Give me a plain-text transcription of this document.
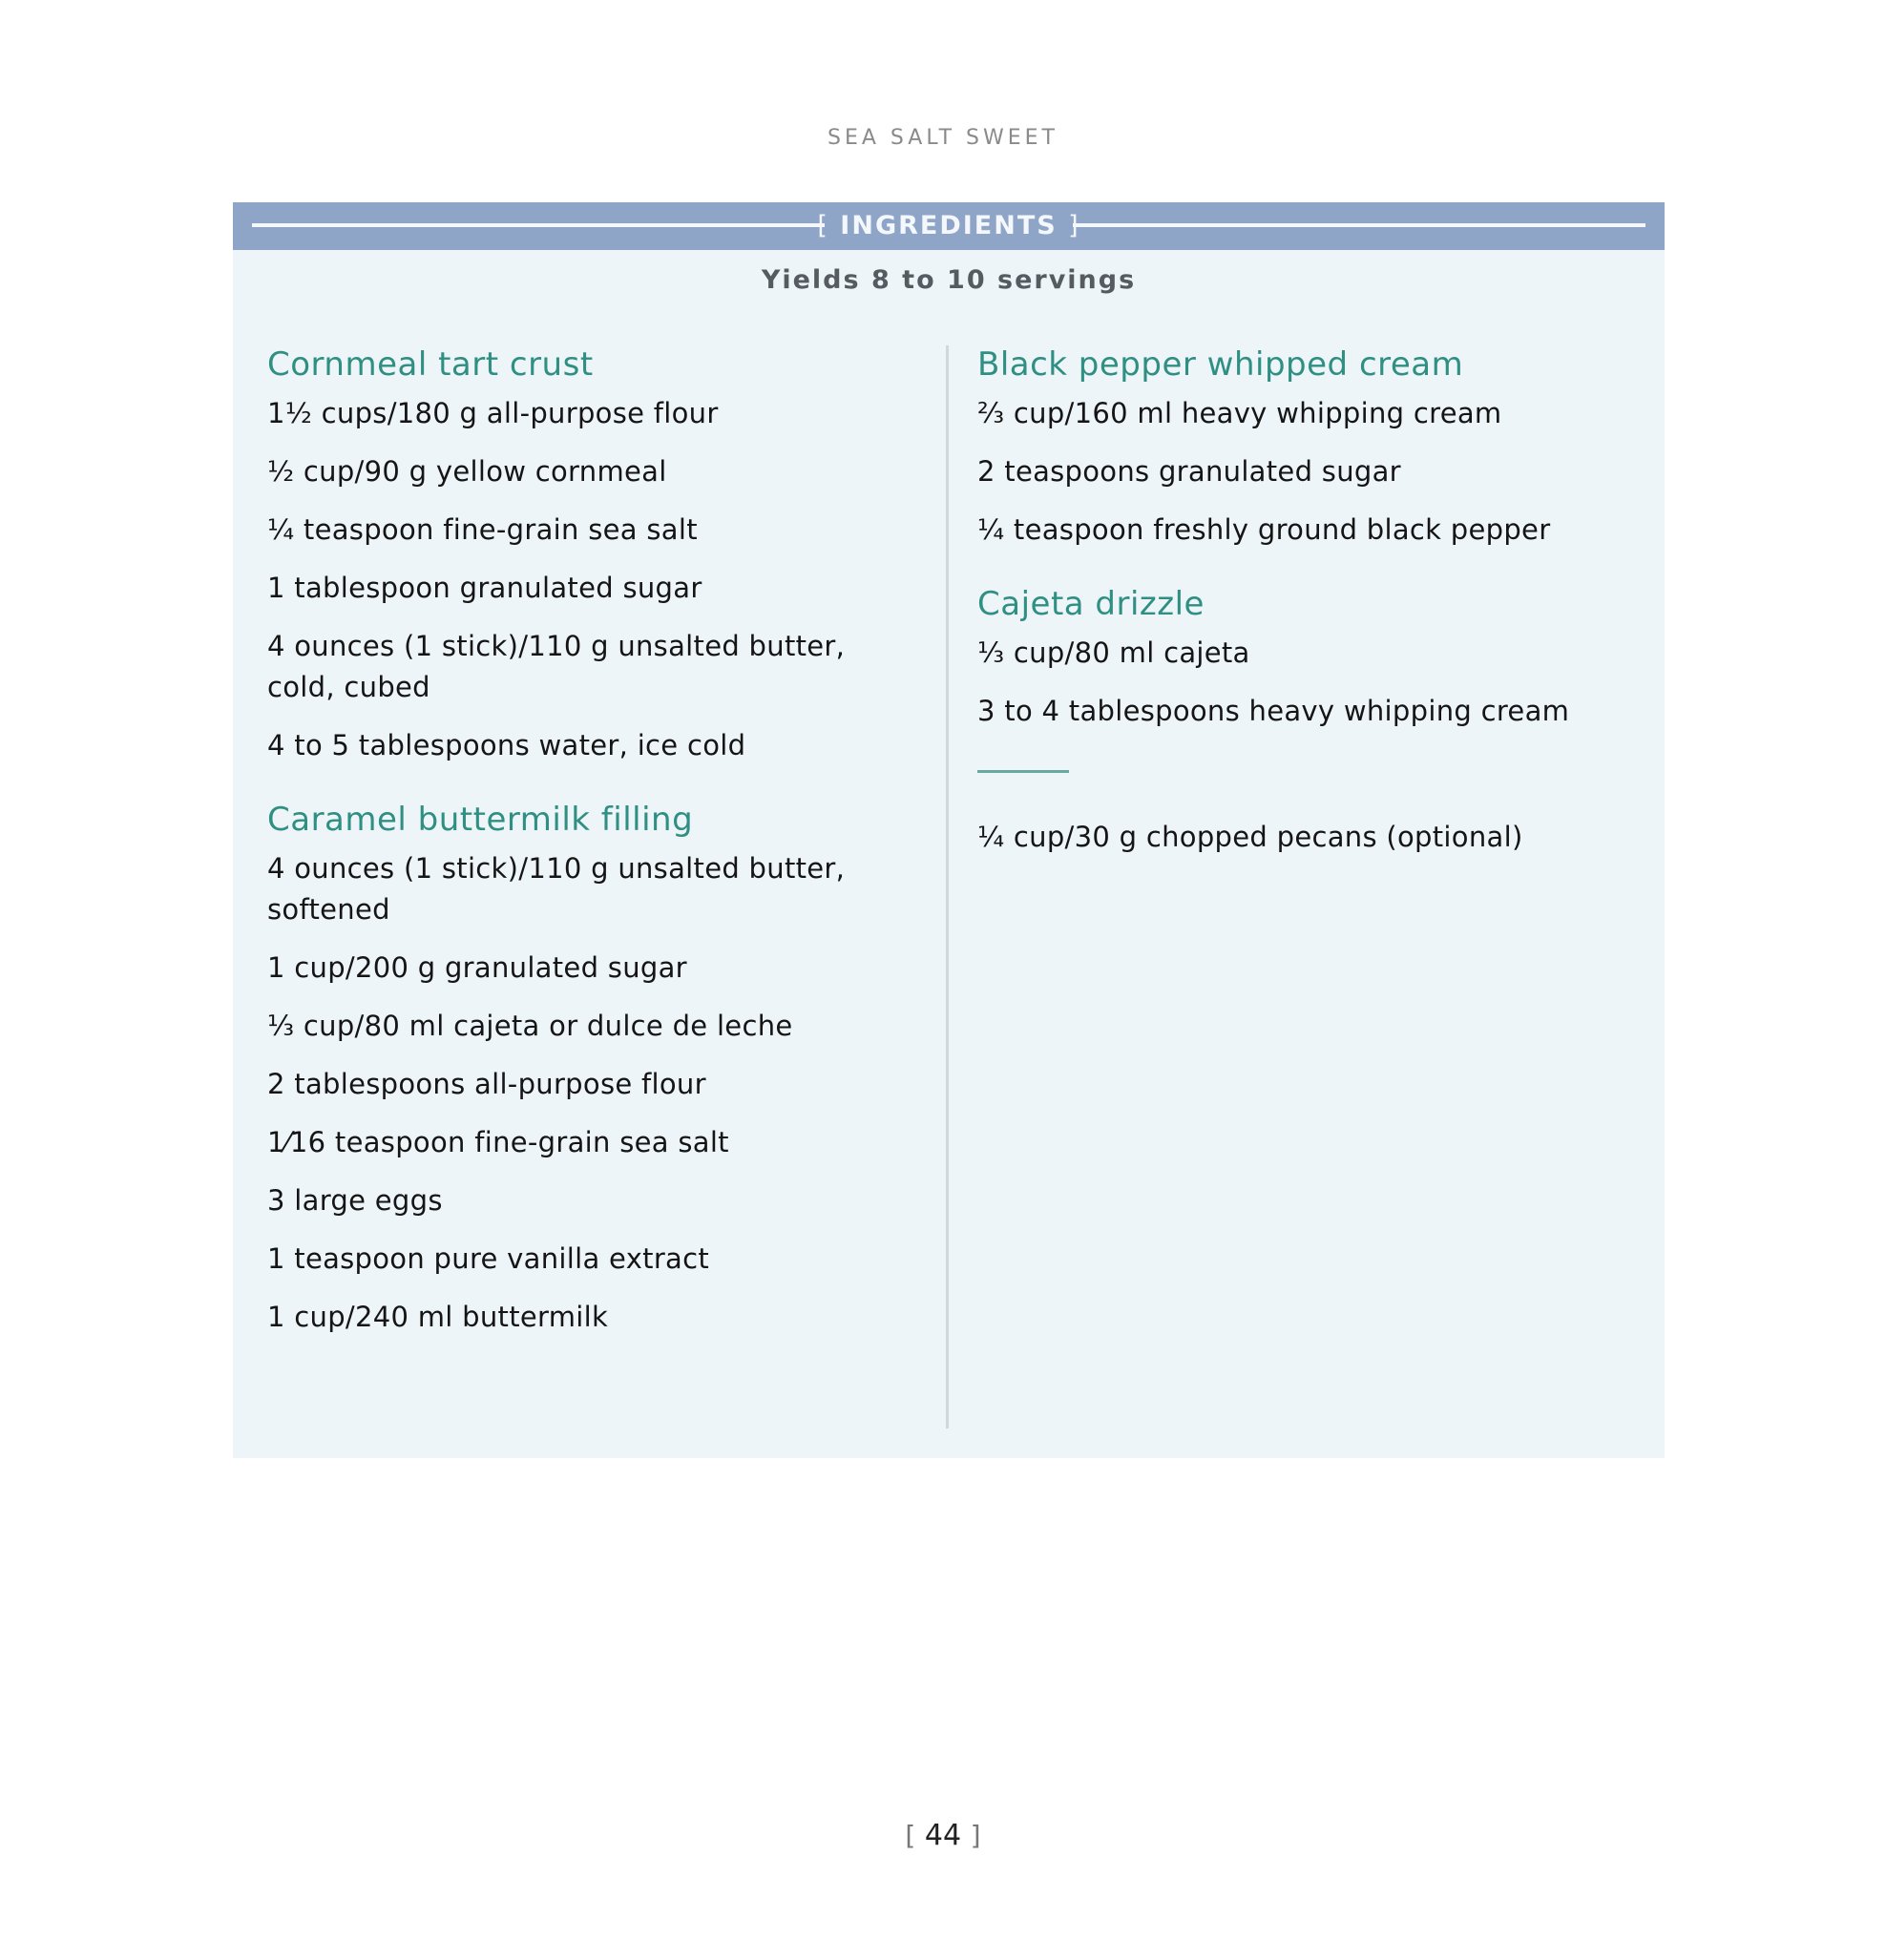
SEA SALT SWEET
[ INGREDIENTS ]
Yields 8 to 10 servings
Cornmeal tart crust
1½ cups/180 g all-purpose flour
½ cup/90 g yellow cornmeal
¼ teaspoon fine-grain sea salt
1 tablespoon granulated sugar
4 ounces (1 stick)/110 g unsalted butter, cold, cubed
4 to 5 tablespoons water, ice cold
Caramel buttermilk filling
4 ounces (1 stick)/110 g unsalted butter, softened
1 cup/200 g granulated sugar
⅓ cup/80 ml cajeta or dulce de leche
2 tablespoons all-purpose flour
1⁄16 teaspoon fine-grain sea salt
3 large eggs
1 teaspoon pure vanilla extract
1 cup/240 ml buttermilk
Black pepper whipped cream
⅔ cup/160 ml heavy whipping cream
2 teaspoons granulated sugar
¼ teaspoon freshly ground black pepper
Cajeta drizzle
⅓ cup/80 ml cajeta
3 to 4 tablespoons heavy whipping cream
¼ cup/30 g chopped pecans (optional)
[ 44 ]
